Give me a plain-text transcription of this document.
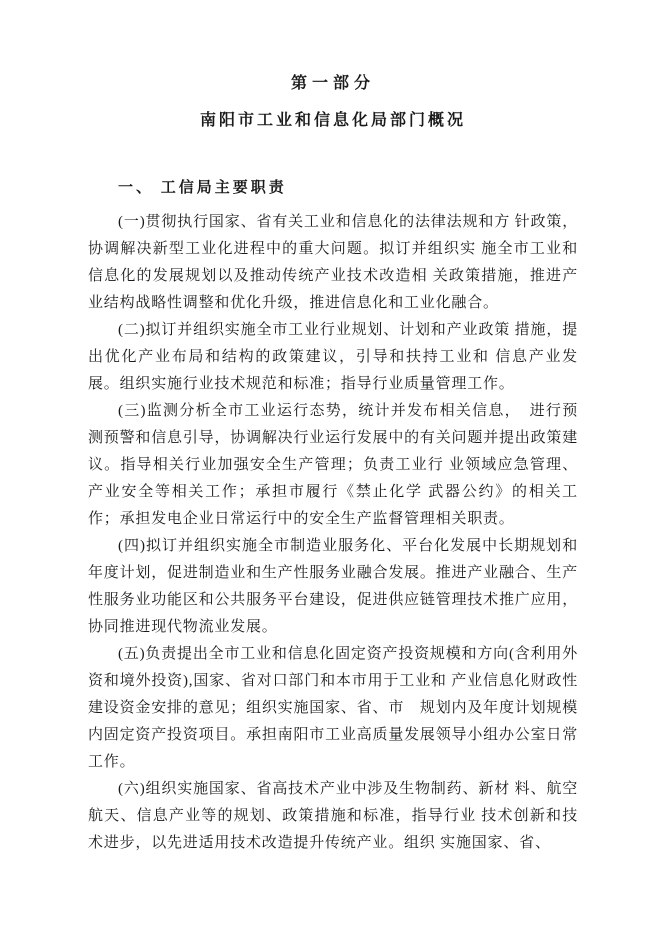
第一部分
南阳市工业和信息化局部门概况
一、 工信局主要职责

(一)贯彻执行国家、省有关工业和信息化的法律法规和方 针政策，协调解决新型工业化进程中的重大问题。拟订并组织实 施全市工业和信息化的发展规划以及推动传统产业技术改造相 关政策措施，推进产业结构战略性调整和优化升级，推进信息化和工业化融合。

(二)拟订并组织实施全市工业行业规划、计划和产业政策 措施，提出优化产业布局和结构的政策建议，引导和扶持工业和 信息产业发展。组织实施行业技术规范和标准；指导行业质量管理工作。

(三)监测分析全市工业运行态势，统计并发布相关信息，　进行预测预警和信息引导，协调解决行业运行发展中的有关问题并提出政策建议。指导相关行业加强安全生产管理；负责工业行 业领域应急管理、产业安全等相关工作；承担市履行《禁止化学 武器公约》的相关工作；承担发电企业日常运行中的安全生产监督管理相关职责。

(四)拟订并组织实施全市制造业服务化、平台化发展中长期规划和年度计划，促进制造业和生产性服务业融合发展。推进产业融合、生产性服务业功能区和公共服务平台建设，促进供应链管理技术推广应用，协同推进现代物流业发展。

(五)负责提出全市工业和信息化固定资产投资规模和方向(含利用外资和境外投资),国家、省对口部门和本市用于工业和 产业信息化财政性建设资金安排的意见；组织实施国家、省、市　规划内及年度计划规模内固定资产投资项目。承担南阳市工业高质量发展领导小组办公室日常工作。

(六)组织实施国家、省高技术产业中涉及生物制药、新材 料、航空航天、信息产业等的规划、政策措施和标准，指导行业 技术创新和技术进步，以先进适用技术改造提升传统产业。组织 实施国家、省、
